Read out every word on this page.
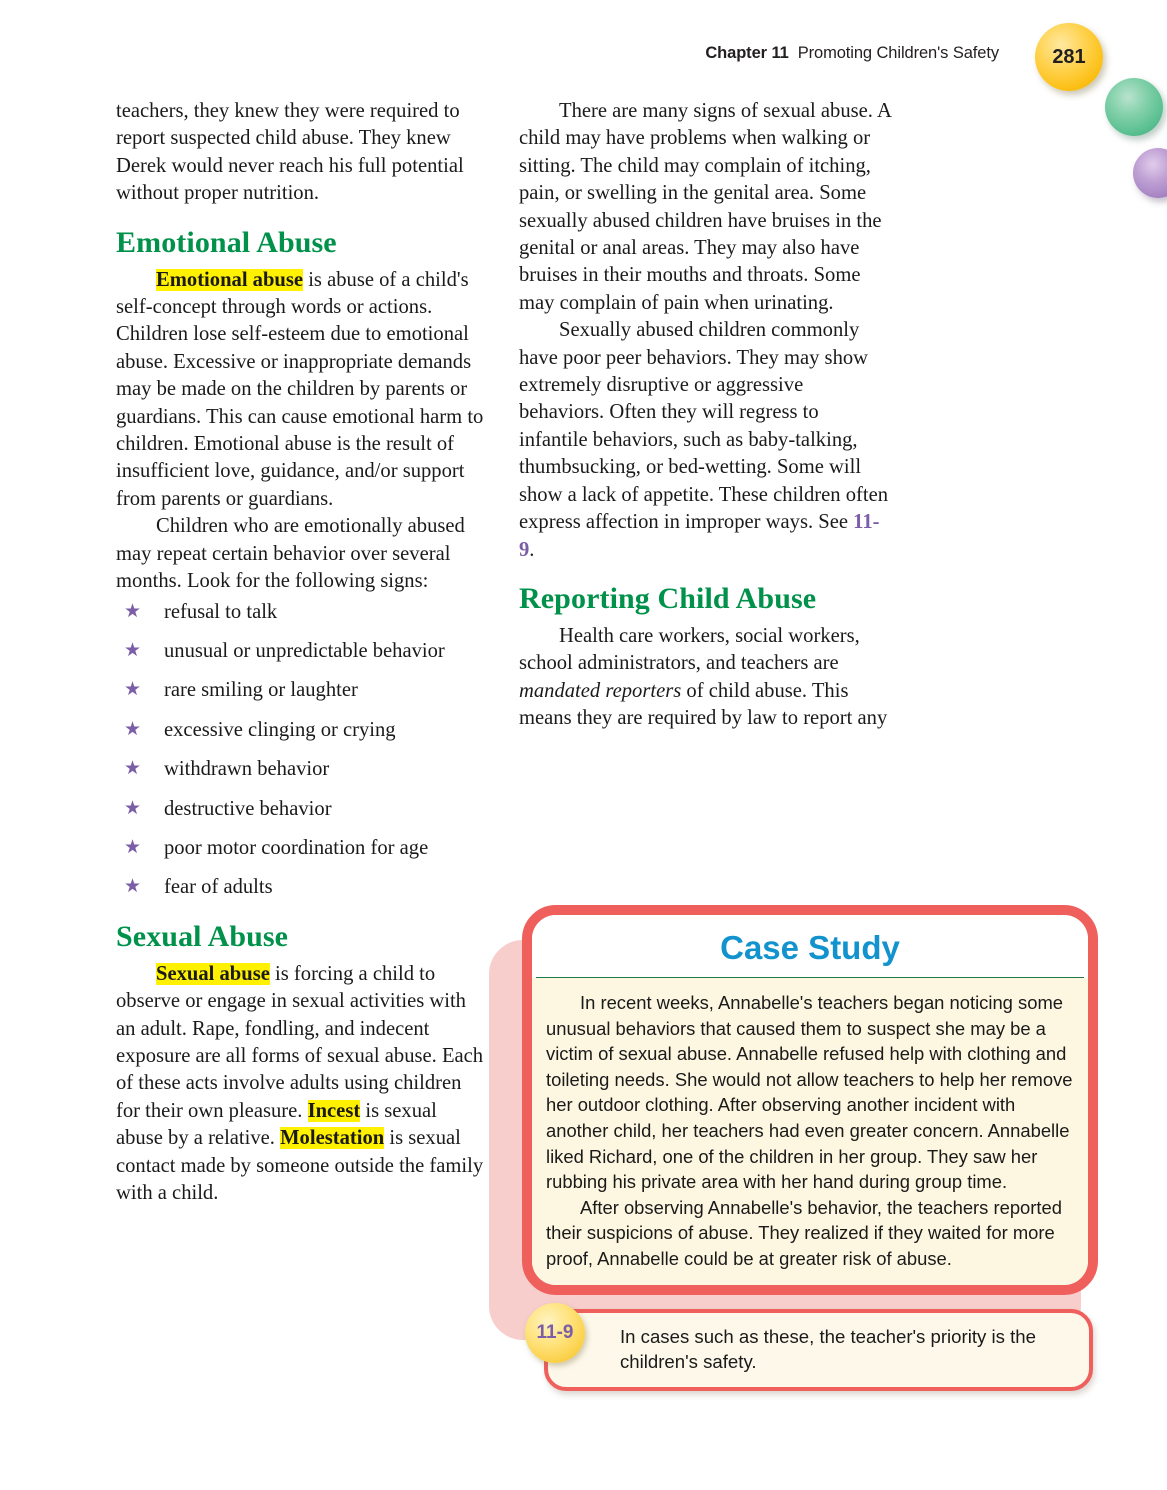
281
Chapter 11 Promoting Children's Safety

teachers, they knew they were required to report suspected child abuse. They knew Derek would never reach his full potential without proper nutrition.

Emotional Abuse

Emotional abuse is abuse of a child's self-concept through words or actions. Children lose self-esteem due to emotional abuse. Excessive or inappropriate demands may be made on the children by parents or guardians. This can cause emotional harm to children. Emotional abuse is the result of insufficient love, guidance, and/or support from parents or guardians.

Children who are emotionally abused may repeat certain behavior over several months. Look for the following signs:

★ refusal to talk
★ unusual or unpredictable behavior
★ rare smiling or laughter
★ excessive clinging or crying
★ withdrawn behavior
★ destructive behavior
★ poor motor coordination for age
★ fear of adults
Sexual Abuse

Sexual abuse is forcing a child to observe or engage in sexual activities with an adult. Rape, fondling, and indecent exposure are all forms of sexual abuse. Each of these acts involve adults using children for their own pleasure. Incest is sexual abuse by a relative. Molestation is sexual contact made by someone outside the family with a child.

There are many signs of sexual abuse. A child may have problems when walking or sitting. The child may complain of itching, pain, or swelling in the genital area. Some sexually abused children have bruises in the genital or anal areas. They may also have bruises in their mouths and throats. Some may complain of pain when urinating.

Sexually abused children commonly have poor peer behaviors. They may show extremely disruptive or aggressive behaviors. Often they will regress to infantile behaviors, such as baby-talking, thumbsucking, or bed-wetting. Some will show a lack of appetite. These children often express affection in improper ways. See 11-9.

Reporting Child Abuse

Health care workers, social workers, school administrators, and teachers are mandated reporters of child abuse. This means they are required by law to report any

Case Study

In recent weeks, Annabelle's teachers began noticing some unusual behaviors that caused them to suspect she may be a victim of sexual abuse. Annabelle refused help with clothing and toileting needs. She would not allow teachers to help her remove her outdoor clothing. After observing another incident with another child, her teachers had even greater concern. Annabelle liked Richard, one of the children in her group. They saw her rubbing his private area with her hand during group time.

After observing Annabelle's behavior, the teachers reported their suspicions of abuse. They realized if they waited for more proof, Annabelle could be at greater risk of abuse.

In cases such as these, the teacher's priority is the children's safety.
11-9
